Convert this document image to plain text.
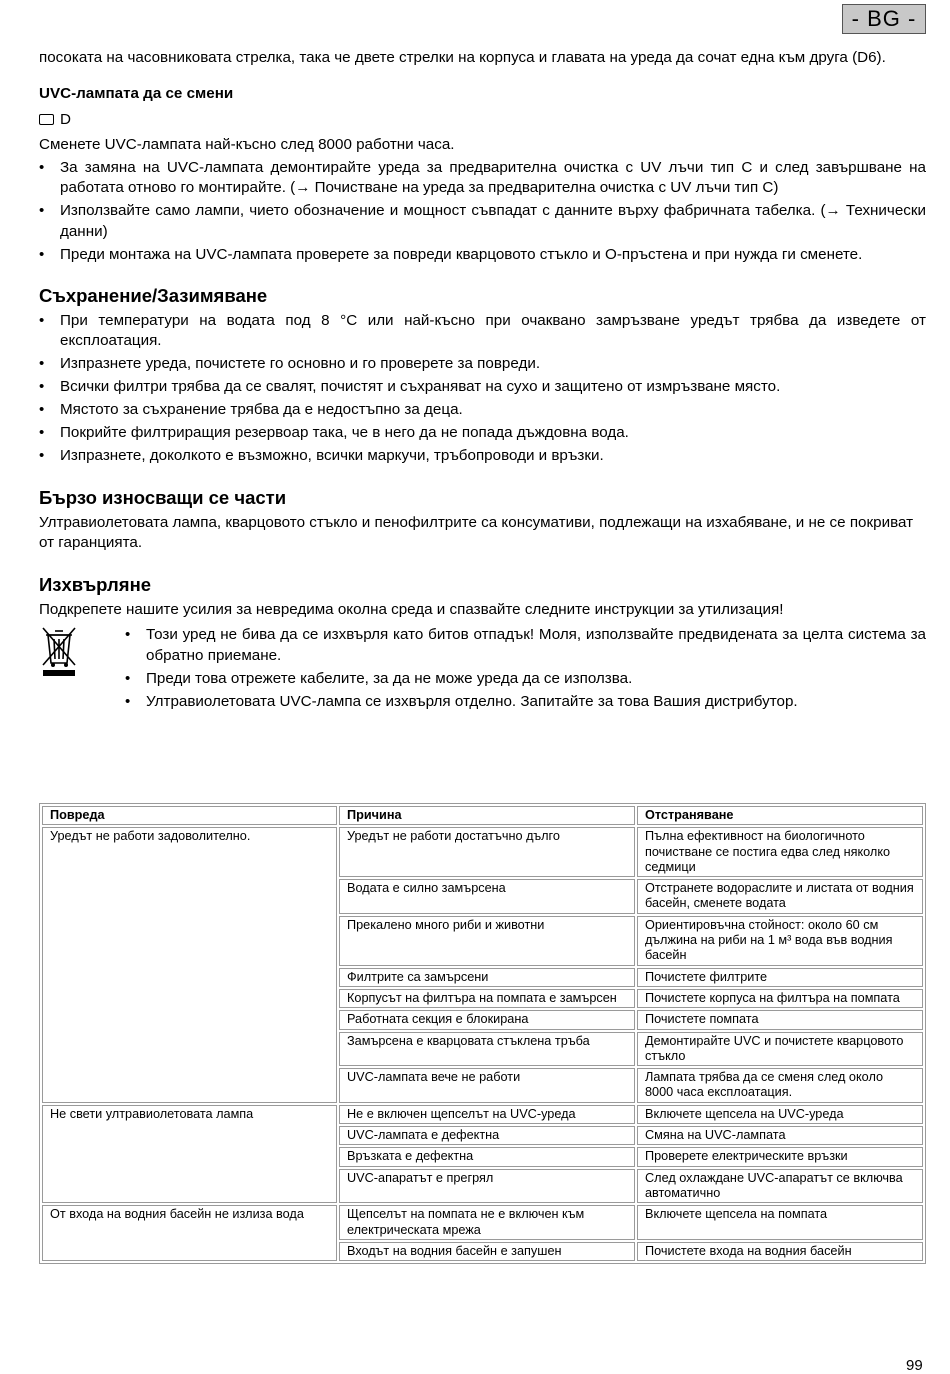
- BG -

посоката на часовниковата стрелка, така че двете стрелки на корпуса и главата на уреда да сочат една към друга (D6).

UVC-лампата да се смени
D

Сменете UVC-лампата най-късно след 8000 работни часа.

• За замяна на UVC-лампата демонтирайте уреда за предварителна очистка с UV лъчи тип C и след завършване на работата отново го монтирайте. (→ Почистване на уреда за предварителна очистка с UV лъчи тип C)
• Използвайте само лампи, чието обозначение и мощност съвпадат с данните върху фабричната табелка. (→ Технически данни)
• Преди монтажа на UVC-лампата проверете за повреди кварцовото стъкло и O-пръстена и при нужда ги сменете.
Съхранение/Зазимяване
• При температури на водата под 8 °C или най-късно при очаквано замръзване уредът трябва да изведете от експлоатация.
• Изпразнете уреда, почистете го основно и го проверете за повреди.
• Всички филтри трябва да се свалят, почистят и съхраняват на сухо и защитено от измръзване място.
• Мястото за съхранение трябва да е недостъпно за деца.
• Покрийте филтриращия резервоар така, че в него да не попада дъждовна вода.
• Изпразнете, доколкото е възможно, всички маркучи, тръбопроводи и връзки.
Бързо износващи се части

Ултравиолетовата лампа, кварцовото стъкло и пенофилтрите са консумативи, подлежащи на изхабяване, и не се покриват от гаранцията.

Изхвърляне

Подкрепете нашите усилия за невредима околна среда и спазвайте следните инструкции за утилизация!

• Този уред не бива да се изхвърля като битов отпадък! Моля, използвайте предвидената за целта система за обратно приемане.
• Преди това отрежете кабелите, за да не може уреда да се използва.
• Ултравиолетовата UVC-лампа се изхвърля отделно. Запитайте за това Вашия дистрибутор.
Повреда	Причина	Отстраняване
Уредът не работи задоволително.	Уредът не работи достатъчно дълго	Пълна ефективност на биологичното почистване се постига едва след няколко седмици
	Водата е силно замърсена	Отстранете водораслите и листата от водния басейн, сменете водата
	Прекалено много риби и животни	Ориентировъчна стойност: около 60 см дължина на риби на 1 м³ вода във водния басейн
	Филтрите са замърсени	Почистете филтрите
	Корпусът на филтъра на помпата е замърсен	Почистете корпуса на филтъра на помпата
	Работната секция е блокирана	Почистете помпата
	Замърсена е кварцовата стъклена тръба	Демонтирайте UVC и почистете кварцовото стъкло
	UVC-лампата вече не работи	Лампата трябва да се сменя след около 8000 часа експлоатация.
Не свети ултравиолетовата лампа	Не е включен щепселът на UVC-уреда	Включете щепсела на UVC-уреда
	UVC-лампата е дефектна	Смяна на UVC-лампата
	Връзката е дефектна	Проверете електрическите връзки
	UVC-апаратът е прегрял	След охлаждане UVC-апаратът се включва автоматично
От входа на водния басейн не излиза вода	Щепселът на помпата не е включен към електрическата мрежа	Включете щепсела на помпата
	Входът на водния басейн е запушен	Почистете входа на водния басейн
99
